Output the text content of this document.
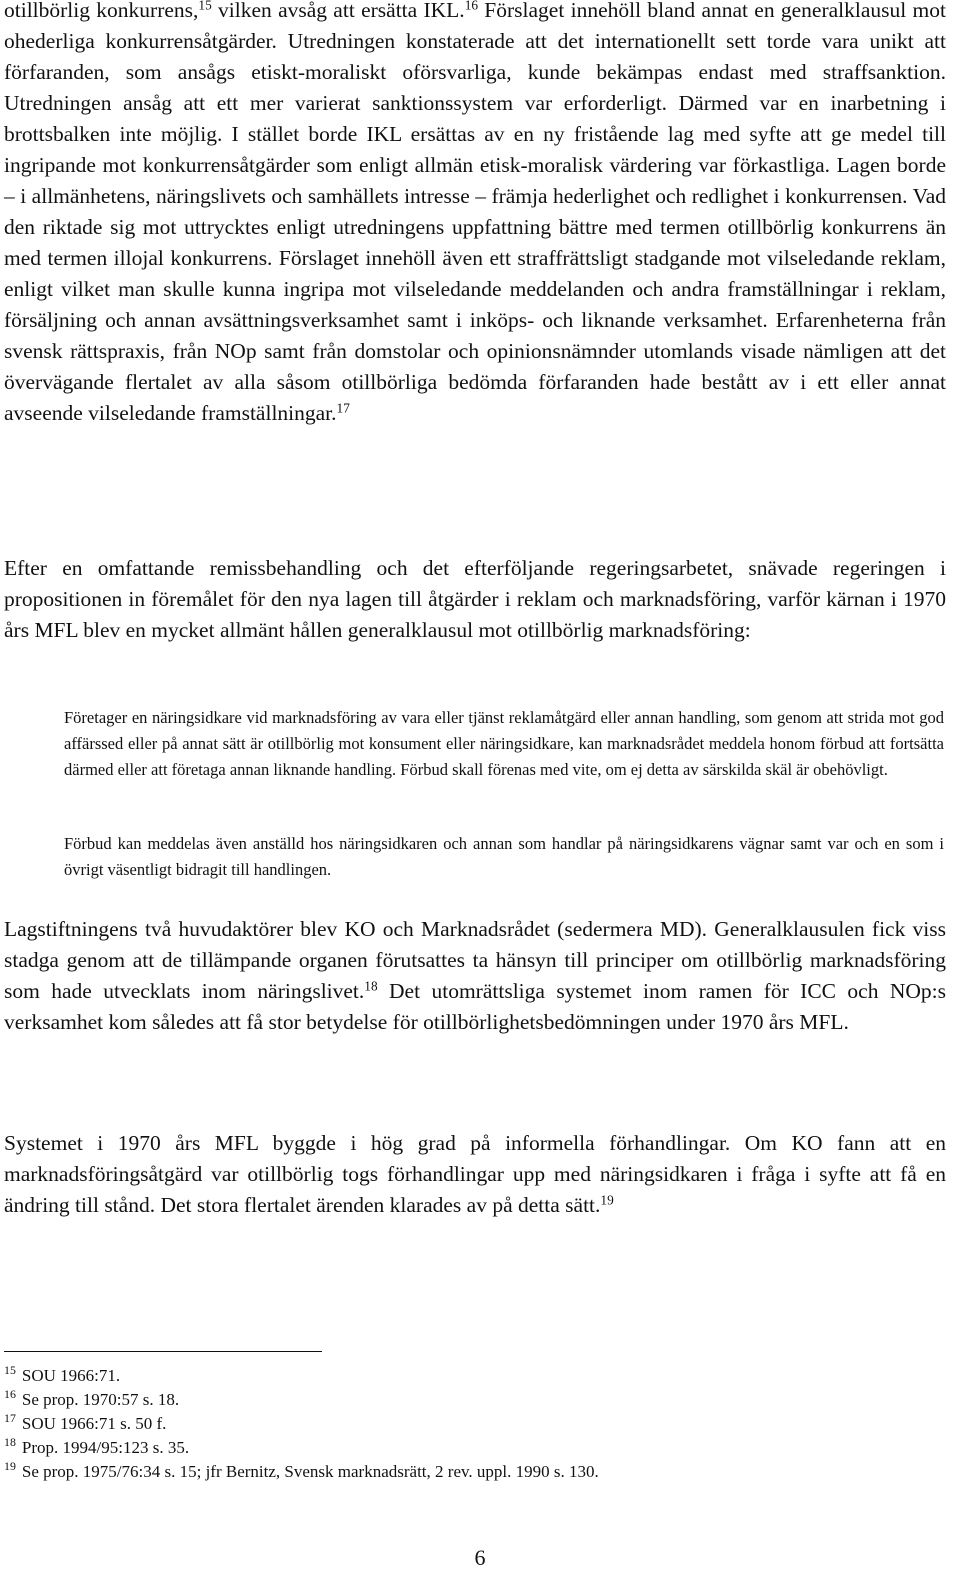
otillbörlig konkurrens,$^{15}$ vilken avsåg att ersätta IKL.$^{16}$ Förslaget innehöll bland annat en generalklausul mot ohederliga konkurrensåtgärder. Utredningen konstaterade att det internationellt sett torde vara unikt att förfaranden, som ansågs etiskt-moraliskt oförsvarliga, kunde bekämpas endast med straffsanktion. Utredningen ansåg att ett mer varierat sanktionssystem var erforderligt. Därmed var en inarbetning i brottsbalken inte möjlig. I stället borde IKL ersättas av en ny fristående lag med syfte att ge medel till ingripande mot konkurrensåtgärder som enligt allmän etisk-moralisk värdering var förkastliga. Lagen borde – i allmänhetens, näringslivets och samhällets intresse – främja hederlighet och redlighet i konkurrensen. Vad den riktade sig mot uttrycktes enligt utredningens uppfattning bättre med termen otillbörlig konkurrens än med termen illojal konkurrens. Förslaget innehöll även ett straffrättsligt stadgande mot vilseledande reklam, enligt vilket man skulle kunna ingripa mot vilseledande meddelanden och andra framställningar i reklam, försäljning och annan avsättningsverksamhet samt i inköps- och liknande verksamhet. Erfarenheterna från svensk rättspraxis, från NOp samt från domstolar och opinionsnämnder utomlands visade nämligen att det övervägande flertalet av alla såsom otillbörliga bedömda förfaranden hade bestått av i ett eller annat avseende vilseledande framställningar.$^{17}$

Efter en omfattande remissbehandling och det efterföljande regeringsarbetet, snävade regeringen i propositionen in föremålet för den nya lagen till åtgärder i reklam och marknadsföring, varför kärnan i 1970 års MFL blev en mycket allmänt hållen generalklausul mot otillbörlig marknadsföring:

Företager en näringsidkare vid marknadsföring av vara eller tjänst reklamåtgärd eller annan handling, som genom att strida mot god affärssed eller på annat sätt är otillbörlig mot konsument eller näringsidkare, kan marknadsrådet meddela honom förbud att fortsätta därmed eller att företaga annan liknande handling. Förbud skall förenas med vite, om ej detta av särskilda skäl är obehövligt.

Förbud kan meddelas även anställd hos näringsidkaren och annan som handlar på näringsidkarens vägnar samt var och en som i övrigt väsentligt bidragit till handlingen.

Lagstiftningens två huvudaktörer blev KO och Marknadsrådet (sedermera MD). Generalklausulen fick viss stadga genom att de tillämpande organen förutsattes ta hänsyn till principer om otillbörlig marknadsföring som hade utvecklats inom näringslivet.$^{18}$ Det utomrättsliga systemet inom ramen för ICC och NOp:s verksamhet kom således att få stor betydelse för otillbörlighetsbedömningen under 1970 års MFL.

Systemet i 1970 års MFL byggde i hög grad på informella förhandlingar. Om KO fann att en marknadsföringsåtgärd var otillbörlig togs förhandlingar upp med näringsidkaren i fråga i syfte att få en ändring till stånd. Det stora flertalet ärenden klarades av på detta sätt.$^{19}$

$^{15}$ SOU 1966:71.

$^{16}$ Se prop. 1970:57 s. 18.

$^{17}$ SOU 1966:71 s. 50 f.

$^{18}$ Prop. 1994/95:123 s. 35.

$^{19}$ Se prop. 1975/76:34 s. 15; jfr Bernitz, Svensk marknadsrätt, 2 rev. uppl. 1990 s. 130.

6
